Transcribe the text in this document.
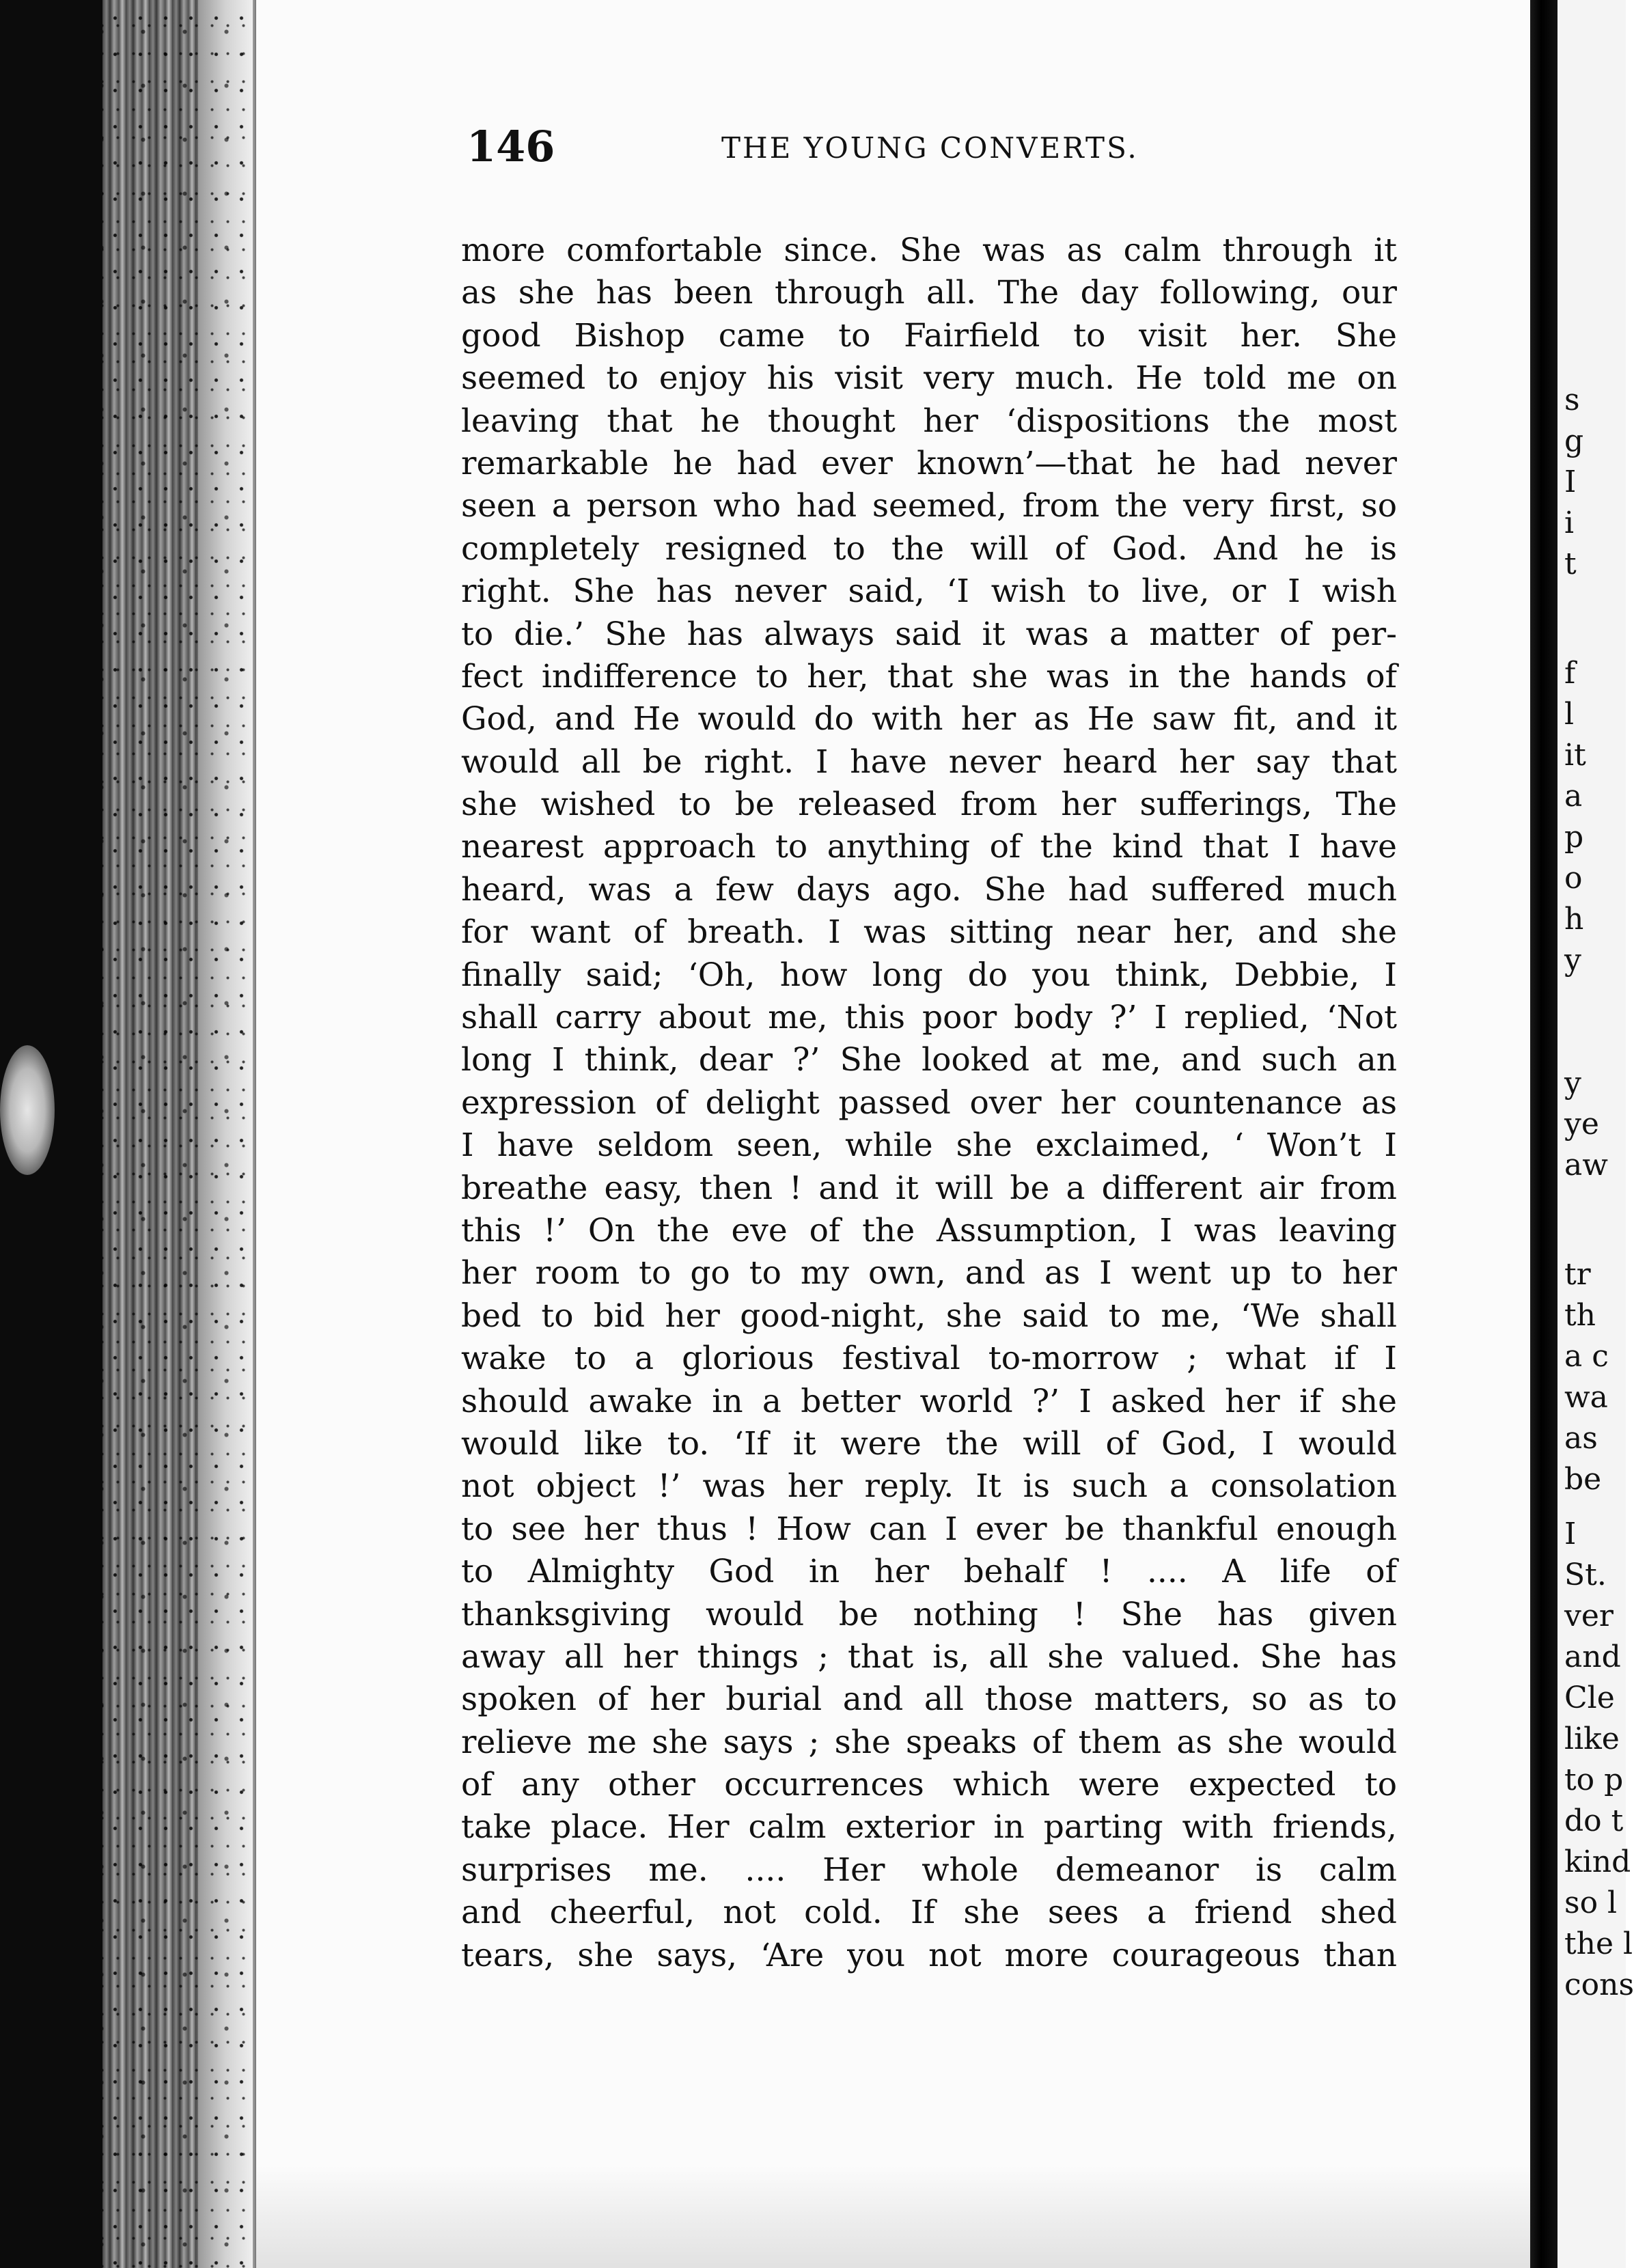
146	THE YOUNG CONVERTS.
more comfortable since. She was as calm through it
as she has been through all. The day following, our
good Bishop came to Fairfield to visit her. She
seemed to enjoy his visit very much. He told me on
leaving that he thought her ‘dispositions the most
remarkable he had ever known’—that he had never
seen a person who had seemed, from the very first, so
completely resigned to the will of God. And he is
right. She has never said, ‘I wish to live, or I wish
to die.’ She has always said it was a matter of per-
fect indifference to her, that she was in the hands of
God, and He would do with her as He saw fit, and it
would all be right. I have never heard her say that
she wished to be released from her sufferings, The
nearest approach to anything of the kind that I have
heard, was a few days ago. She had suffered much
for want of breath. I was sitting near her, and she
finally said; ‘Oh, how long do you think, Debbie, I
shall carry about me, this poor body ?’ I replied, ‘Not
long I think, dear ?’ She looked at me, and such an
expression of delight passed over her countenance as
I have seldom seen, while she exclaimed, ‘ Won’t I
breathe easy, then ! and it will be a different air from
this !’ On the eve of the Assumption, I was leaving
her room to go to my own, and as I went up to her
bed to bid her good-night, she said to me, ‘We shall
wake to a glorious festival to-morrow ; what if I
should awake in a better world ?’ I asked her if she
would like to. ‘If it were the will of God, I would
not object !’ was her reply. It is such a consolation
to see her thus ! How can I ever be thankful enough
to Almighty God in her behalf ! .... A life of
thanksgiving would be nothing ! She has given
away all her things ; that is, all she valued. She has
spoken of her burial and all those matters, so as to
relieve me she says ; she speaks of them as she would
of any other occurrences which were expected to
take place. Her calm exterior in parting with friends,
surprises me. .... Her whole demeanor is calm
and cheerful, not cold. If she sees a friend shed
tears, she says, ‘Are you not more courageous than
s
g
I
i
t
f
l
it
a
p
o
h
y
y
ye
aw
tr
th
a c
wa
as
be
I
St.
ver
and
Cle
like
to p
do t
kind
so l
the l
cons
